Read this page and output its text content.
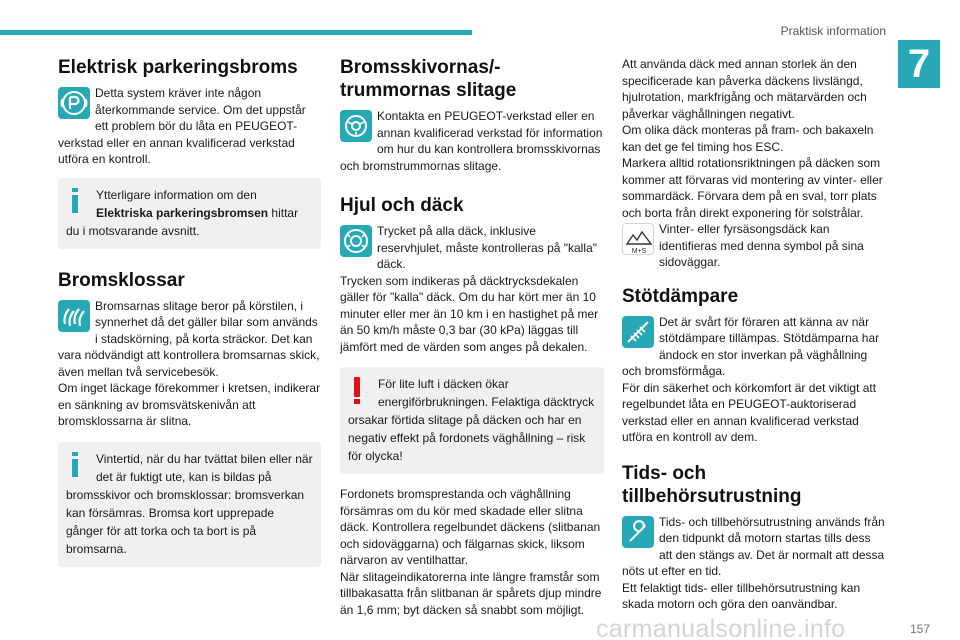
Praktisk information
7
Elektrisk parkeringsbroms
Detta system kräver inte någon återkommande service. Om det uppstår ett problem bör du låta en PEUGEOT-verkstad eller en annan kvalificerad verkstad utföra en kontroll.
Ytterligare information om den Elektriska parkeringsbromsen hittar du i motsvarande avsnitt.
Bromsklossar
Bromsarnas slitage beror på körstilen, i synnerhet då det gäller bilar som används i stadskörning, på korta sträckor. Det kan vara nödvändigt att kontrollera bromsarnas skick, även mellan två servicebesök.
Om inget läckage förekommer i kretsen, indikerar en sänkning av bromsvätskenivån att bromsklossarna är slitna.
Vintertid, när du har tvättat bilen eller när det är fuktigt ute, kan is bildas på bromsskivor och bromsklossar: bromsverkan kan försämras. Bromsa kort upprepade gånger för att torka och ta bort is på bromsarna.
Bromsskivornas/-trummornas slitage
Kontakta en PEUGEOT-verkstad eller en annan kvalificerad verkstad för information om hur du kan kontrollera bromsskivornas och bromstrummornas slitage.
Hjul och däck
Trycket på alla däck, inklusive reservhjulet, måste kontrolleras på "kalla" däck.
Trycken som indikeras på däcktrycksdekalen gäller för "kalla" däck. Om du har kört mer än 10 minuter eller mer än 10 km i en hastighet på mer än 50 km/h måste 0,3 bar (30 kPa) läggas till jämfört med de värden som anges på dekalen.
För lite luft i däcken ökar energiförbrukningen. Felaktiga däcktryck orsakar förtida slitage på däcken och har en negativ effekt på fordonets väghållning – risk för olycka!
Fordonets bromsprestanda och väghållning försämras om du kör med skadade eller slitna däck. Kontrollera regelbundet däckens (slitbanan och sidoväggarna) och fälgarnas skick, liksom närvaron av ventilhattar.
När slitageindikatorerna inte längre framstår som tillbakasatta från slitbanan är spårets djup mindre än 1,6 mm; byt däcken så snabbt som möjligt.
Att använda däck med annan storlek än den specificerade kan påverka däckens livslängd, hjulrotation, markfrigång och mätarvärden och påverkar väghållningen negativt.
Om olika däck monteras på fram- och bakaxeln kan det ge fel timing hos ESC.
Markera alltid rotationsriktningen på däcken som kommer att förvaras vid montering av vinter- eller sommardäck. Förvara dem på en sval, torr plats och borta från direkt exponering för solstrålar.
M+S
Vinter- eller fyrsäsongsdäck kan identifieras med denna symbol på sina sidoväggar.
Stötdämpare
Det är svårt för föraren att känna av när stötdämpare tillämpas. Stötdämparna har ändock en stor inverkan på väghållning och bromsförmåga.
För din säkerhet och körkomfort är det viktigt att regelbundet låta en PEUGEOT-auktoriserad verkstad eller en annan kvalificerad verkstad utföra en kontroll av dem.
Tids- och tillbehörsutrustning
Tids- och tillbehörsutrustning används från den tidpunkt då motorn startas tills dess att den stängs av. Det är normalt att dessa nöts ut efter en tid.
Ett felaktigt tids- eller tillbehörsutrustning kan skada motorn och göra den oanvändbar.
carmanualsonline.info	157
